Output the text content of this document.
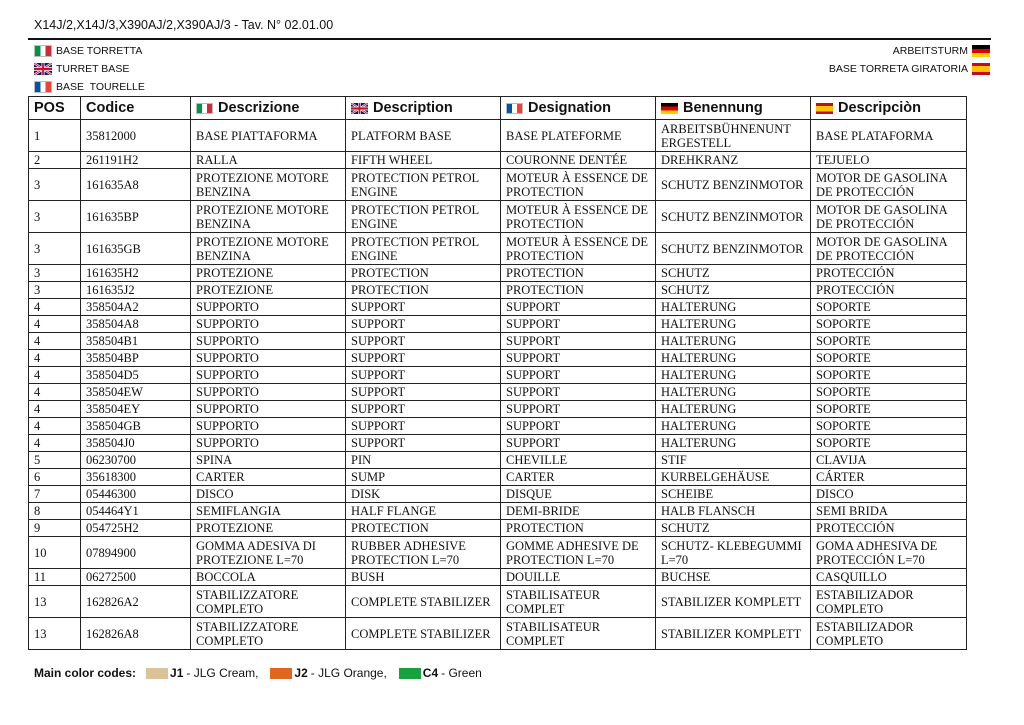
X14J/2,X14J/3,X390AJ/2,X390AJ/3 - Tav. N° 02.01.00
BASE TORRETTA
TURRET BASE
BASE  TOURELLE
ARBEITSTURM
BASE TORRETA GIRATORIA
POS	Codice	Descrizione	Description	Designation	Benennung	Descripciòn
1	35812000	BASE PIATTAFORMA	PLATFORM BASE	BASE PLATEFORME	ARBEITSBÜHNENUNT ERGESTELL	BASE PLATAFORMA
2	261191H2	RALLA	FIFTH WHEEL	COURONNE DENTÉE	DREHKRANZ	TEJUELO
3	161635A8	PROTEZIONE MOTORE BENZINA	PROTECTION PETROL ENGINE	MOTEUR À ESSENCE DE PROTECTION	SCHUTZ BENZINMOTOR	MOTOR DE GASOLINA DE PROTECCIÓN
3	161635BP	PROTEZIONE MOTORE BENZINA	PROTECTION PETROL ENGINE	MOTEUR À ESSENCE DE PROTECTION	SCHUTZ BENZINMOTOR	MOTOR DE GASOLINA DE PROTECCIÓN
3	161635GB	PROTEZIONE MOTORE BENZINA	PROTECTION PETROL ENGINE	MOTEUR À ESSENCE DE PROTECTION	SCHUTZ BENZINMOTOR	MOTOR DE GASOLINA DE PROTECCIÓN
3	161635H2	PROTEZIONE	PROTECTION	PROTECTION	SCHUTZ	PROTECCIÓN
3	161635J2	PROTEZIONE	PROTECTION	PROTECTION	SCHUTZ	PROTECCIÓN
4	358504A2	SUPPORTO	SUPPORT	SUPPORT	HALTERUNG	SOPORTE
4	358504A8	SUPPORTO	SUPPORT	SUPPORT	HALTERUNG	SOPORTE
4	358504B1	SUPPORTO	SUPPORT	SUPPORT	HALTERUNG	SOPORTE
4	358504BP	SUPPORTO	SUPPORT	SUPPORT	HALTERUNG	SOPORTE
4	358504D5	SUPPORTO	SUPPORT	SUPPORT	HALTERUNG	SOPORTE
4	358504EW	SUPPORTO	SUPPORT	SUPPORT	HALTERUNG	SOPORTE
4	358504EY	SUPPORTO	SUPPORT	SUPPORT	HALTERUNG	SOPORTE
4	358504GB	SUPPORTO	SUPPORT	SUPPORT	HALTERUNG	SOPORTE
4	358504J0	SUPPORTO	SUPPORT	SUPPORT	HALTERUNG	SOPORTE
5	06230700	SPINA	PIN	CHEVILLE	STIF	CLAVIJA
6	35618300	CARTER	SUMP	CARTER	KURBELGEHÄUSE	CÁRTER
7	05446300	DISCO	DISK	DISQUE	SCHEIBE	DISCO
8	054464Y1	SEMIFLANGIA	HALF FLANGE	DEMI-BRIDE	HALB FLANSCH	SEMI BRIDA
9	054725H2	PROTEZIONE	PROTECTION	PROTECTION	SCHUTZ	PROTECCIÓN
10	07894900	GOMMA ADESIVA DI PROTEZIONE L=70	RUBBER ADHESIVE PROTECTION L=70	GOMME ADHESIVE DE PROTECTION L=70	SCHUTZ- KLEBEGUMMI L=70	GOMA ADHESIVA DE PROTECCIÓN L=70
11	06272500	BOCCOLA	BUSH	DOUILLE	BUCHSE	CASQUILLO
13	162826A2	STABILIZZATORE COMPLETO	COMPLETE STABILIZER	STABILISATEUR COMPLET	STABILIZER KOMPLETT	ESTABILIZADOR COMPLETO
13	162826A8	STABILIZZATORE COMPLETO	COMPLETE STABILIZER	STABILISATEUR COMPLET	STABILIZER KOMPLETT	ESTABILIZADOR COMPLETO
Main color codes:	J1 - JLG Cream,	J2 - JLG Orange,	C4 - Green
